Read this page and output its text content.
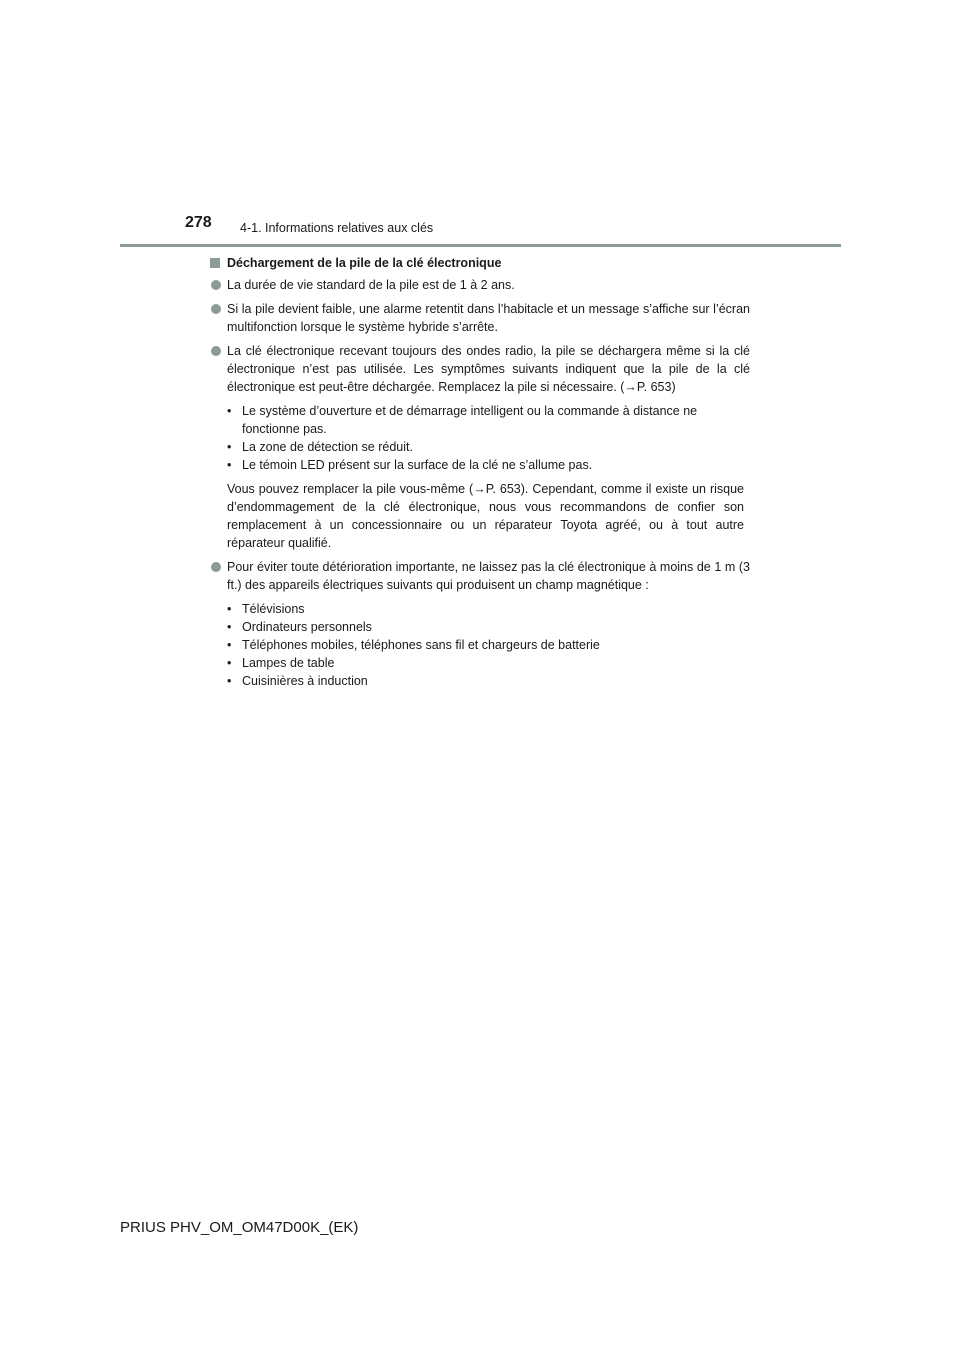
278 4-1. Informations relatives aux clés
Déchargement de la pile de la clé électronique
La durée de vie standard de la pile est de 1 à 2 ans.
Si la pile devient faible, une alarme retentit dans l’habitacle et un message s’affiche sur l’écran multifonction lorsque le système hybride s’arrête.
La clé électronique recevant toujours des ondes radio, la pile se déchargera même si la clé électronique n’est pas utilisée. Les symptômes suivants indiquent que la pile de la clé électronique est peut-être déchargée. Remplacez la pile si nécessaire. (→P. 653)
• Le système d’ouverture et de démarrage intelligent ou la commande à distance ne fonctionne pas.
• La zone de détection se réduit.
• Le témoin LED présent sur la surface de la clé ne s’allume pas.
Vous pouvez remplacer la pile vous-même (→P. 653). Cependant, comme il existe un risque d’endommagement de la clé électronique, nous vous recommandons de confier son remplacement à un concessionnaire ou un réparateur Toyota agréé, ou à tout autre réparateur qualifié.
Pour éviter toute détérioration importante, ne laissez pas la clé électronique à moins de 1 m (3 ft.) des appareils électriques suivants qui produisent un champ magnétique :
• Télévisions
• Ordinateurs personnels
• Téléphones mobiles, téléphones sans fil et chargeurs de batterie
• Lampes de table
• Cuisinières à induction
PRIUS PHV_OM_OM47D00K_(EK)
